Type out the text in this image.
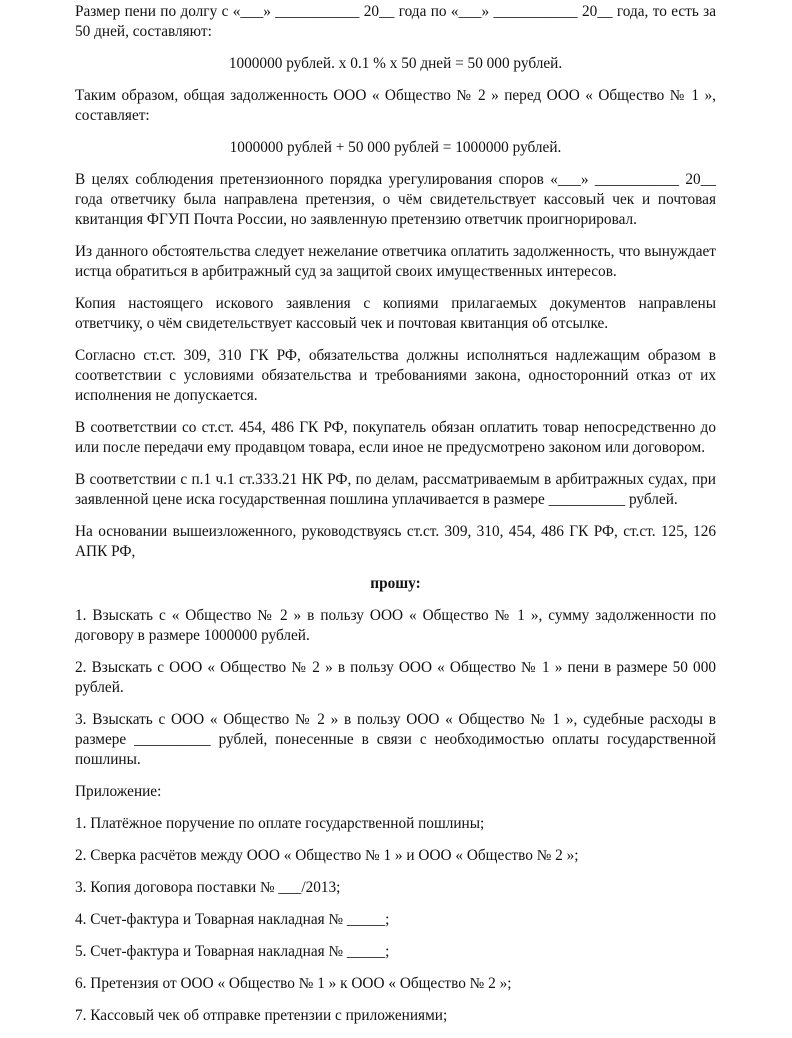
Размер пени по долгу с «___» ___________ 20__ года по «___» ___________ 20__ года, то есть за 50 дней, составляют:

1000000 рублей. x 0.1 % x 50 дней = 50 000 рублей.

Таким образом, общая задолженность ООО « Общество № 2 » перед ООО « Общество № 1 », составляет:

1000000 рублей + 50 000 рублей = 1000000 рублей.

В целях соблюдения претензионного порядка урегулирования споров «___» ___________ 20__ года ответчику была направлена претензия, о чём свидетельствует кассовый чек и почтовая квитанция ФГУП Почта России, но заявленную претензию ответчик проигнорировал.

Из данного обстоятельства следует нежелание ответчика оплатить задолженность, что вынуждает истца обратиться в арбитражный суд за защитой своих имущественных интересов.

Копия настоящего искового заявления с копиями прилагаемых документов направлены ответчику, о чём свидетельствует кассовый чек и почтовая квитанция об отсылке.

Согласно ст.ст. 309, 310 ГК РФ, обязательства должны исполняться надлежащим образом в соответствии с условиями обязательства и требованиями закона, односторонний отказ от их исполнения не допускается.

В соответствии со ст.ст. 454, 486 ГК РФ, покупатель обязан оплатить товар непосредственно до или после передачи ему продавцом товара, если иное не предусмотрено законом или договором.

В соответствии с п.1 ч.1 ст.333.21 НК РФ, по делам, рассматриваемым в арбитражных судах, при заявленной цене иска государственная пошлина уплачивается в размере __________ рублей.

На основании вышеизложенного, руководствуясь ст.ст. 309, 310, 454, 486 ГК РФ, ст.ст. 125, 126 АПК РФ,

прошу:

1. Взыскать с « Общество № 2 » в пользу ООО « Общество № 1 », сумму задолженности по договору в размере 1000000 рублей.

2. Взыскать с ООО « Общество № 2 » в пользу ООО « Общество № 1 » пени в размере 50 000 рублей.

3. Взыскать с ООО « Общество № 2 » в пользу ООО « Общество № 1 », судебные расходы в размере __________ рублей, понесенные в связи с необходимостью оплаты государственной пошлины.

Приложение:

1. Платёжное поручение по оплате государственной пошлины;

2. Сверка расчётов между ООО « Общество № 1 » и ООО « Общество № 2 »;

3. Копия договора поставки № ___/2013;

4. Счет-фактура и Товарная накладная № _____;

5. Счет-фактура и Товарная накладная № _____;

6. Претензия от ООО « Общество № 1 » к ООО « Общество № 2 »;

7. Кассовый чек об отправке претензии с приложениями;
